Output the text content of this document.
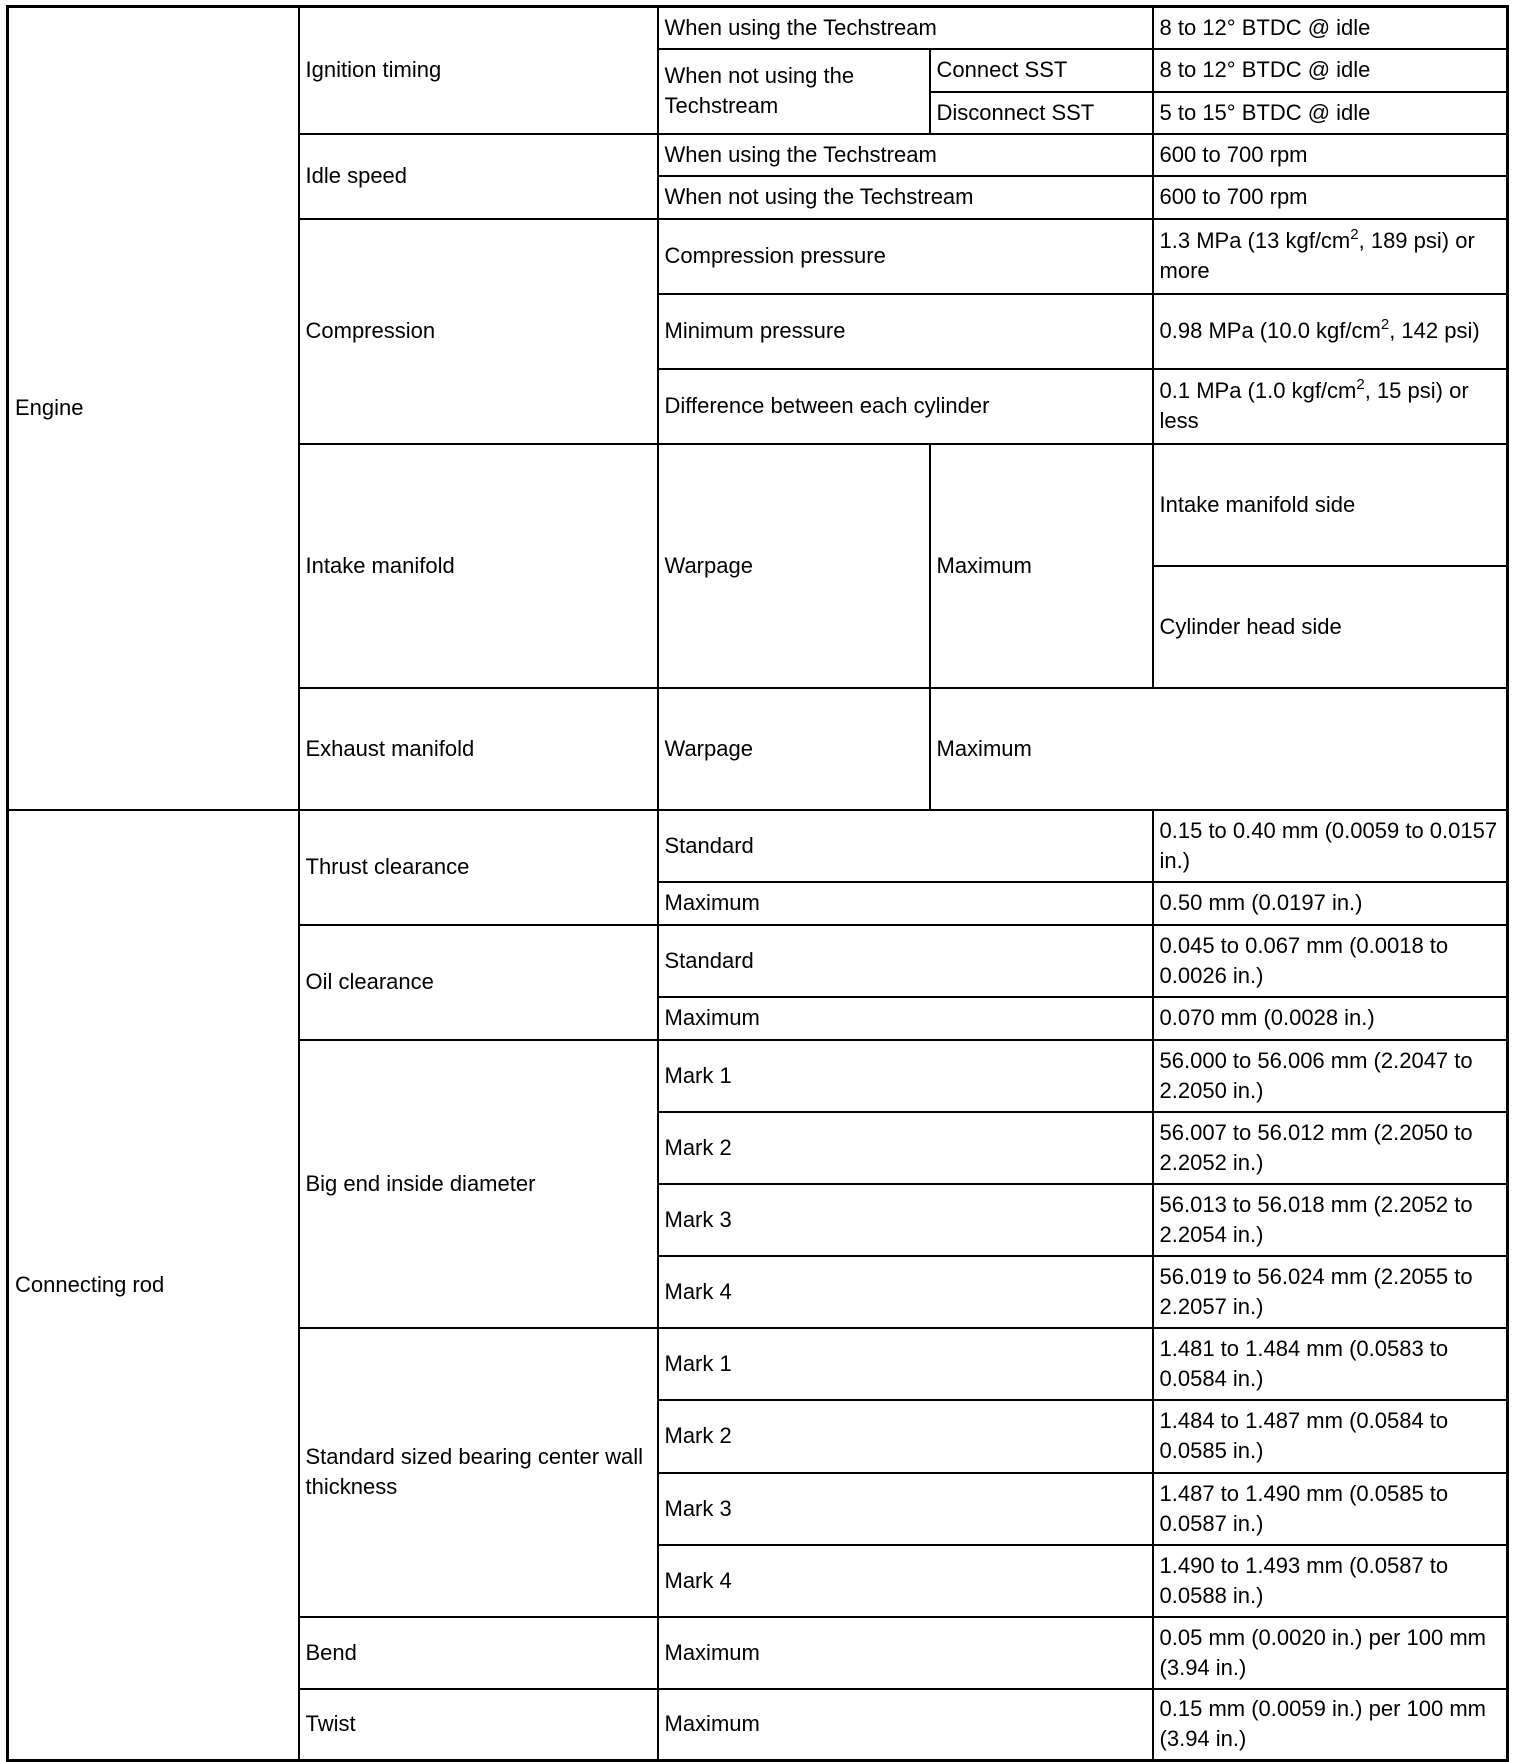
Engine	Ignition timing	When using the Techstream		8 to 12° BTDC @ idle	
		When not using the Techstream	Connect SST	8 to 12° BTDC @ idle	
			Disconnect SST	5 to 15° BTDC @ idle	
	Idle speed	When using the Techstream		600 to 700 rpm	
		When not using the Techstream		600 to 700 rpm	
	Compression	Compression pressure		1.3 MPa (13 kgf/$cm^2$, 189 psi) or more	
		Minimum pressure		0.98 MPa (10.0 kgf/$cm^2$, 142 psi)	
		Difference between each cylinder		0.1 MPa (1.0 kgf/$cm^2$, 15 psi) or less	
	Intake manifold	Warpage	Maximum	Intake manifold side	
				Cylinder head side	
	Exhaust manifold	Warpage	Maximum	
Connecting rod	Thrust clearance	Standard		0.15 to 0.40 mm (0.0059 to 0.0157 in.)	
		Maximum		0.50 mm (0.0197 in.)	
	Oil clearance	Standard		0.045 to 0.067 mm (0.0018 to 0.0026 in.)	
		Maximum		0.070 mm (0.0028 in.)	
	Big end inside diameter	Mark 1		56.000 to 56.006 mm (2.2047 to 2.2050 in.)	
		Mark 2		56.007 to 56.012 mm (2.2050 to 2.2052 in.)	
		Mark 3		56.013 to 56.018 mm (2.2052 to 2.2054 in.)	
		Mark 4		56.019 to 56.024 mm (2.2055 to 2.2057 in.)	
	Standard sized bearing center wall thickness	Mark 1		1.481 to 1.484 mm (0.0583 to 0.0584 in.)	
		Mark 2		1.484 to 1.487 mm (0.0584 to 0.0585 in.)	
		Mark 3		1.487 to 1.490 mm (0.0585 to 0.0587 in.)	
		Mark 4		1.490 to 1.493 mm (0.0587 to 0.0588 in.)	
	Bend	Maximum		0.05 mm (0.0020 in.) per 100 mm (3.94 in.)	
	Twist	Maximum		0.15 mm (0.0059 in.) per 100 mm (3.94 in.)	
